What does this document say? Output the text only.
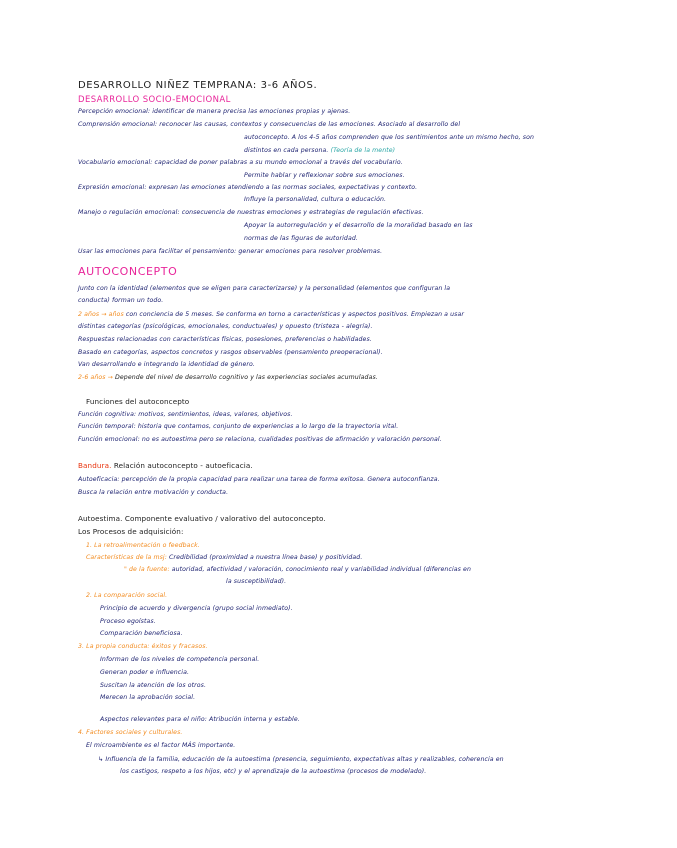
DESARROLLO NIÑEZ TEMPRANA: 3-6 AÑOS.
DESARROLLO SOCIO-EMOCIONAL
Percepción emocional: identificar de manera precisa las emociones propias y ajenas.
Comprensión emocional: reconocer las causas, contextos y consecuencias de las emociones. Asociado al desarrollo del
autoconcepto. A los 4-5 años comprenden que los sentimientos ante un mismo hecho, son
distintos en cada persona. (Teoría de la mente)
Vocabulario emocional: capacidad de poner palabras a su mundo emocional a través del vocabulario.
Permite hablar y reflexionar sobre sus emociones.
Expresión emocional: expresan las emociones atendiendo a las normas sociales, expectativas y contexto.
Influye la personalidad, cultura o educación.
Manejo o regulación emocional: consecuencia de nuestras emociones y estrategias de regulación efectivas.
Apoyar la autorregulación y el desarrollo de la moralidad basado en las
normas de las figuras de autoridad.
Usar las emociones para facilitar el pensamiento: generar emociones para resolver problemas.
AUTOCONCEPTO
Junto con la identidad (elementos que se eligen para caracterizarse) y la personalidad (elementos que configuran la
conducta) forman un todo.
2 años → años con conciencia de 5 meses. Se conforma en torno a características y aspectos positivos. Empiezan a usar
distintas categorías (psicológicas, emocionales, conductuales) y opuesto (tristeza - alegría).
Respuestas relacionadas con características físicas, posesiones, preferencias o habilidades.
Basado en categorías, aspectos concretos y rasgos observables (pensamiento preoperacional).
Van desarrollando e integrando la identidad de género.
2-6 años → Depende del nivel de desarrollo cognitivo y las experiencias sociales acumuladas.
Funciones del autoconcepto
Función cognitiva: motivos, sentimientos, ideas, valores, objetivos.
Función temporal: historia que contamos, conjunto de experiencias a lo largo de la trayectoria vital.
Función emocional: no es autoestima pero se relaciona, cualidades positivas de afirmación y valoración personal.
Bandura. Relación autoconcepto - autoeficacia.
Autoeficacia: percepción de la propia capacidad para realizar una tarea de forma exitosa. Genera autoconfianza.
Busca la relación entre motivación y conducta.
Autoestima. Componente evaluativo / valorativo del autoconcepto.
Los Procesos de adquisición:
1. La retroalimentación o feedback.
Características de la msj: Credibilidad (proximidad a nuestra línea base) y positividad.
" de la fuente: autoridad, afectividad / valoración, conocimiento real y variabilidad individual (diferencias en
la susceptibilidad).
2. La comparación social.
Principio de acuerdo y divergencia (grupo social inmediato).
Proceso egoístas.
Comparación beneficiosa.
3. La propia conducta: éxitos y fracasos.
Informan de los niveles de competencia personal.
Generan poder e influencia.
Suscitan la atención de los otros.
Merecen la aprobación social.
Aspectos relevantes para el niño: Atribución interna y estable.
4. Factores sociales y culturales.
El microambiente es el factor MÁS importante.
↳ Influencia de la familia, educación de la autoestima (presencia, seguimiento, expectativas altas y realizables, coherencia en
los castigos, respeto a los hijos, etc) y el aprendizaje de la autoestima (procesos de modelado).
